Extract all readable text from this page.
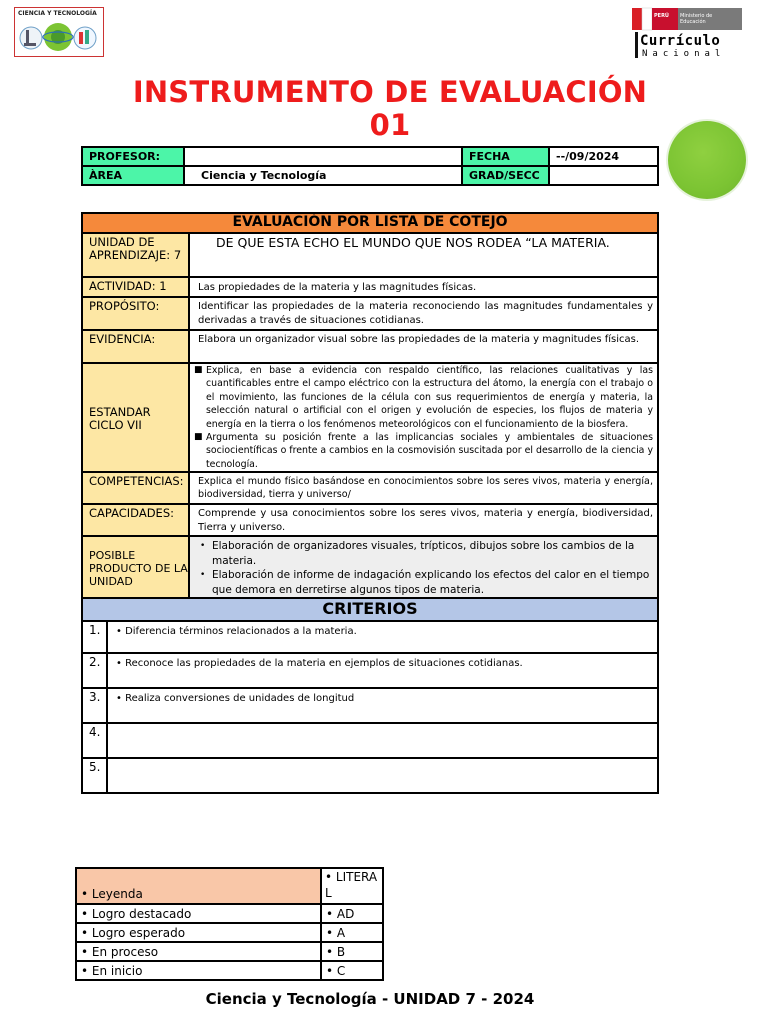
CIENCIA Y TECNOLOGÍA	PERÚ Ministerio de Educación
Currículo
Nacional
INSTRUMENTO DE EVALUACIÓN
01
PROFESOR:		FECHA	--/09/2024
ÀREA	Ciencia y Tecnología	GRAD/SECC	
EVALUACIÓN POR LISTA DE COTEJO		
UNIDAD DE APRENDIZAJE: 7		DE QUE ESTA ECHO EL MUNDO QUE NOS RODEA “LA MATERIA.
ACTIVIDAD: 1		Las propiedades de la materia y las magnitudes físicas.
PROPÓSITO:		Identificar las propiedades de la materia reconociendo las magnitudes fundamentales y derivadas a través de situaciones cotidianas.
EVIDENCIA:		Elabora un organizador visual sobre las propiedades de la materia y magnitudes físicas.
ESTANDAR CICLO VII		■ Explica, en base a evidencia con respaldo científico, las relaciones cualitativas y las cuantificables entre el campo eléctrico con la estructura del átomo, la energía con el trabajo o el movimiento, las funciones de la célula con sus requerimientos de energía y materia, la selección natural o artificial con el origen y evolución de especies, los flujos de materia y energía en la tierra o los fenómenos meteorológicos con el funcionamiento de la biosfera.
■ Argumenta su posición frente a las implicancias sociales y ambientales de situaciones sociocientíficas o frente a cambios en la cosmovisión suscitada por el desarrollo de la ciencia y tecnología.

COMPETENCIAS:		Explica el mundo físico basándose en conocimientos sobre los seres vivos, materia y energía, biodiversidad, tierra y universo/
CAPACIDADES:		Comprende y usa conocimientos sobre los seres vivos, materia y energía, biodiversidad, Tierra y universo.
POSIBLE PRODUCTO DE LA UNIDAD		• Elaboración de organizadores visuales, trípticos, dibujos sobre los cambios de la materia.
• Elaboración de informe de indagación explicando los efectos del calor en el tiempo que demora en derretirse algunos tipos de materia.

CRITERIOS		
1.	• Diferencia términos relacionados a la materia.	
2.	• Reconoce las propiedades de la materia en ejemplos de situaciones cotidianas.	
3.	• Realiza conversiones de unidades de longitud	
4.		
5.		
• Leyenda	• LITERAL
• Logro destacado	• AD
• Logro esperado	• A
• En proceso	• B
• En inicio	• C
Ciencia y Tecnología - UNIDAD 7 - 2024
